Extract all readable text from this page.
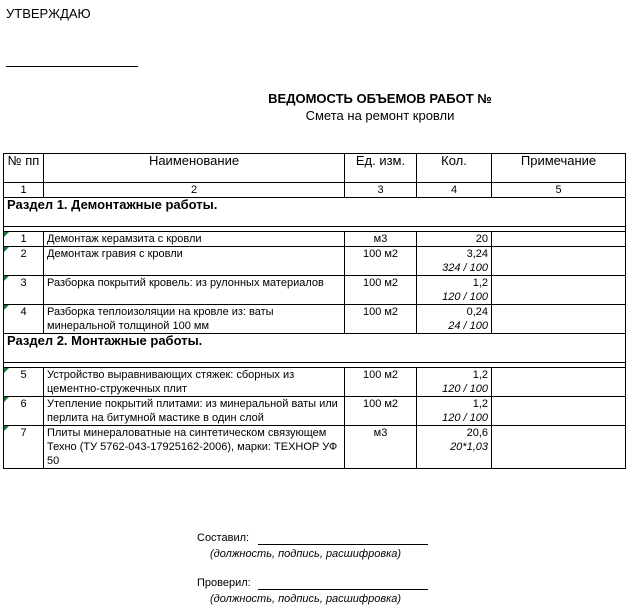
УТВЕРЖДАЮ
ВЕДОМОСТЬ ОБЪЕМОВ РАБОТ №
Смета на ремонт кровли
№ пп	Наименование	Ед. изм.	Кол.	Примечание
1	2	3	4	5
Раздел 1. Демонтажные работы.				

1	Демонтаж керамзита с кровли	м3	20	

2	Демонтаж гравия с кровли	100 м2	3,24
324 / 100	

3	Разборка покрытий кровель: из рулонных материалов	100 м2	1,2
120 / 100	

4	Разборка теплоизоляции на кровле из: ваты минеральной толщиной 100 мм	100 м2	0,24
24 / 100	

Раздел 2. Монтажные работы.				

5	Устройство выравнивающих стяжек: сборных из цементно-стружечных плит	100 м2	1,2
120 / 100	

6	Утепление покрытий плитами: из минеральной ваты или перлита на битумной мастике в один слой	100 м2	1,2
120 / 100	

7	Плиты минераловатные на синтетическом связующем Техно (ТУ 5762-043-17925162-2006), марки: ТЕХНОР УФ 50	м3	20,6
20*1,03	

Составил:
(должность, подпись, расшифровка)
Проверил:
(должность, подпись, расшифровка)
